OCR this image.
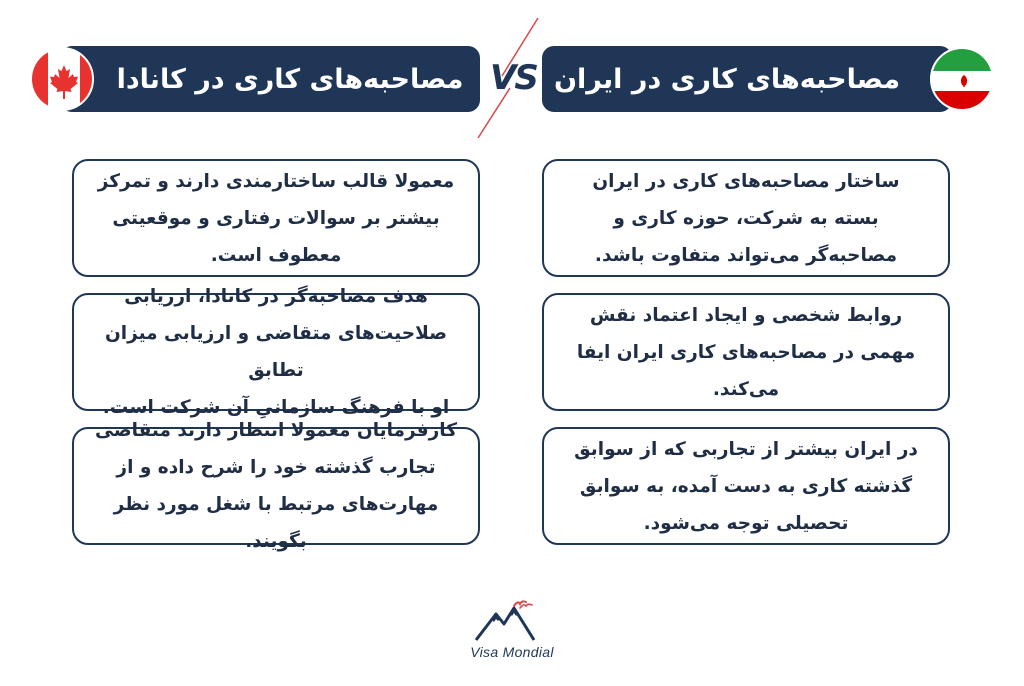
مصاحبه‌های کاری در کانادا VS مصاحبه‌های کاری در ایران
معمولا قالب ساختارمندی دارند و تمرکز
بیشتر بر سوالات رفتاری و موقعیتی
معطوف است.
هدف مصاحبه‌گر در کانادا، ارزیابی
صلاحیت‌های متقاضی و ارزیابی میزان تطابق
او با فرهنگ سازمانیِ آن شرکت است.
کارفرمایان معمولا انتظار دارند متقاضی
تجارب گذشته خود را شرح داده و از
مهارت‌های مرتبط با شغل مورد نظر بگویند.
ساختار مصاحبه‌های کاری در ایران
بسته به شرکت، حوزه کاری و
مصاحبه‌گر می‌تواند متفاوت باشد.
روابط شخصی و ایجاد اعتماد نقش
مهمی در مصاحبه‌های کاری ایران ایفا
می‌کند.
در ایران بیشتر از تجاربی که از سوابق
گذشته کاری به دست آمده، به سوابق
تحصیلی توجه می‌شود.
Visa Mondial
